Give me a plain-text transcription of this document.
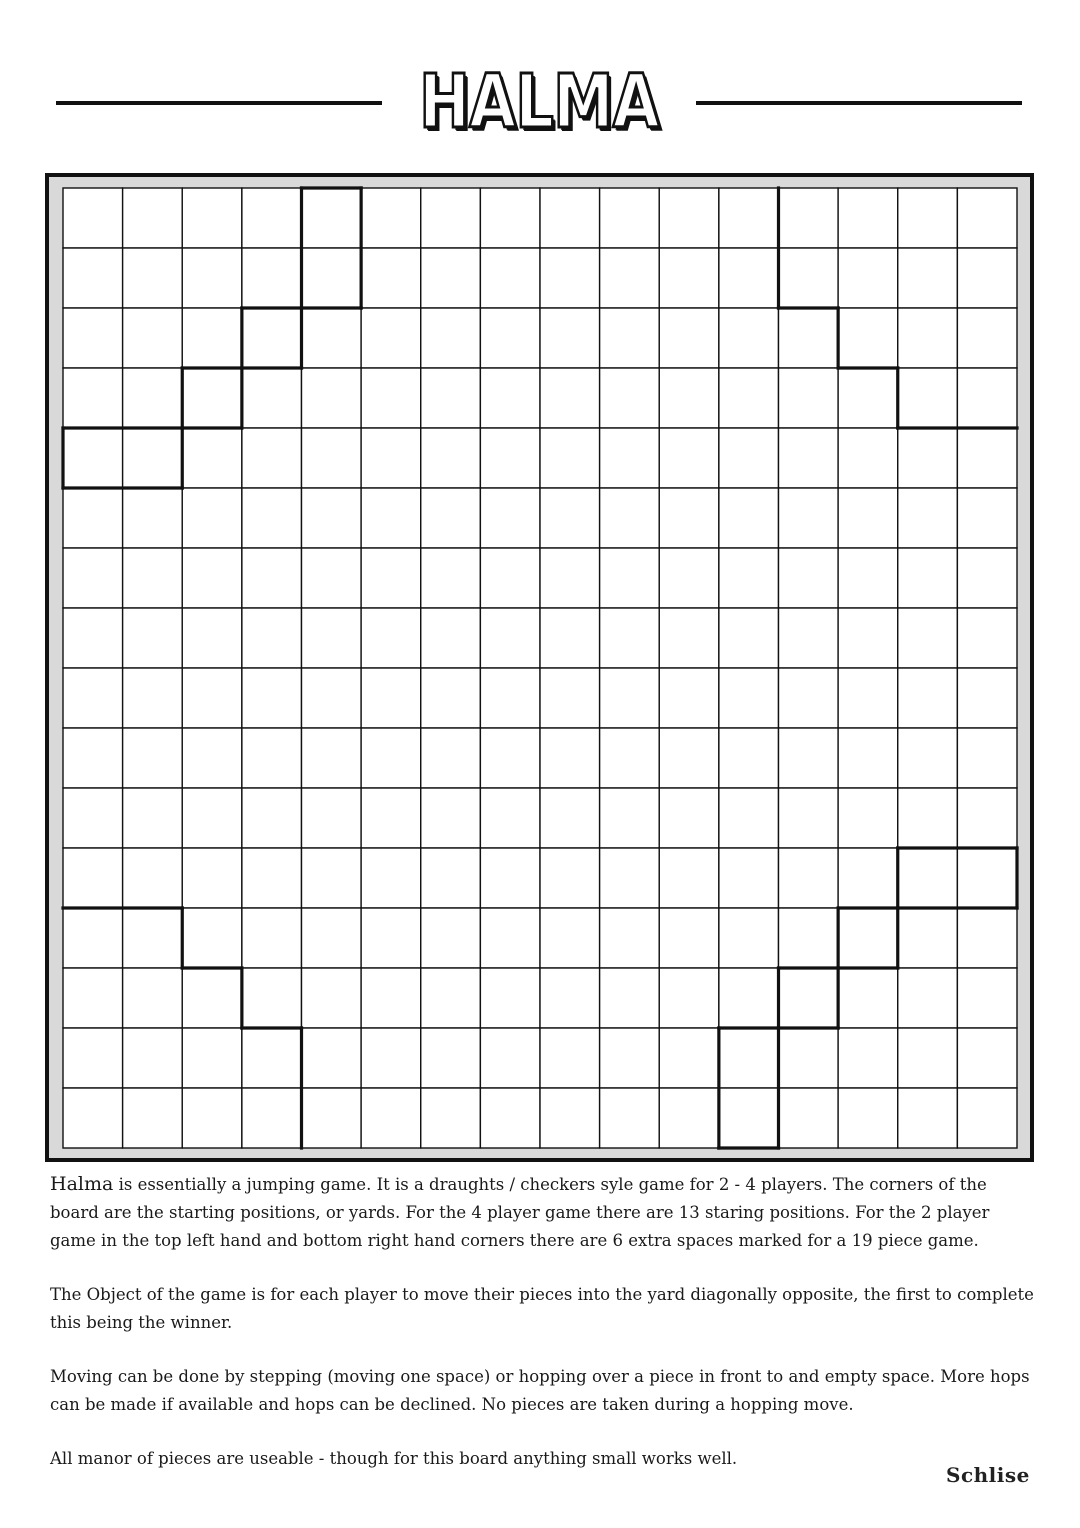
HALMA

Halma is essentially a jumping game. It is a draughts / checkers syle game for 2 - 4 players. The corners of the board are the starting positions, or yards. For the 4 player game there are 13 staring positions. For the 2 player game in the top left hand and bottom right hand corners there are 6 extra spaces marked for a 19 piece game.

The Object of the game is for each player to move their pieces into the yard diagonally opposite, the first to complete this being the winner.

Moving can be done by stepping (moving one space) or hopping over a piece in front to and empty space. More hops can be made if available and hops can be declined. No pieces are taken during a hopping move.

All manor of pieces are useable - though for this board anything small works well.

Schlise
